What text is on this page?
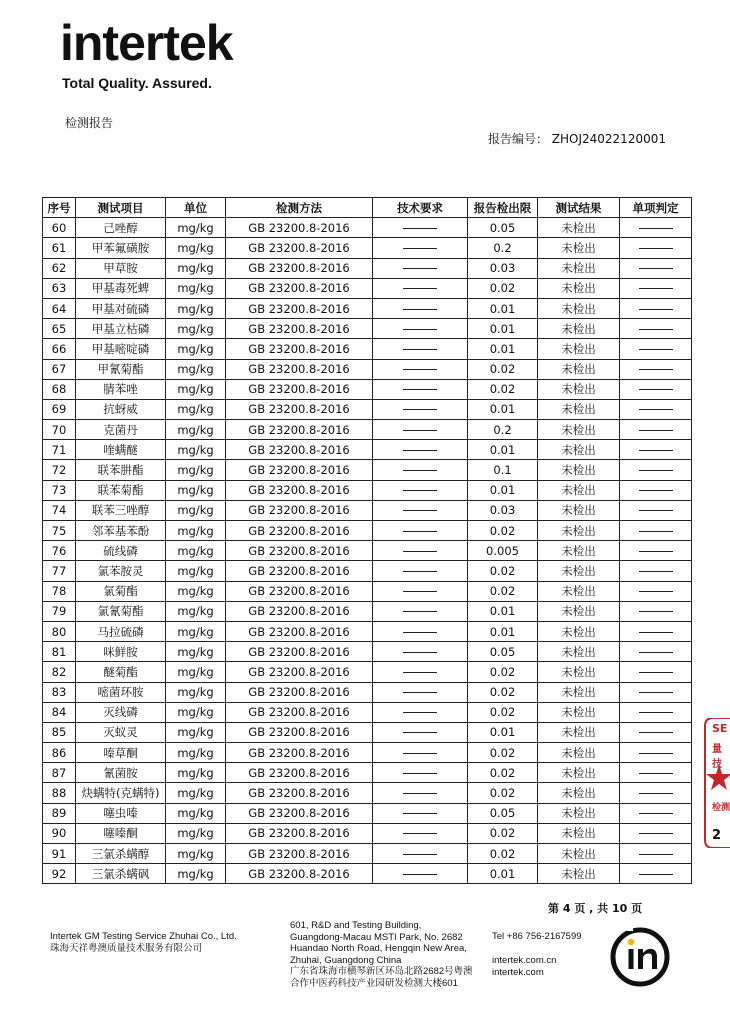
intertek
Total Quality. Assured.
检测报告
报告编号： ZHOJ24022120001
序号	测试项目	单位	检测方法	技术要求	报告检出限	测试结果	单项判定
60	己唑醇	mg/kg	GB 23200.8-2016		0.05	未检出	
61	甲苯氟磺胺	mg/kg	GB 23200.8-2016		0.2	未检出	
62	甲草胺	mg/kg	GB 23200.8-2016		0.03	未检出	
63	甲基毒死蜱	mg/kg	GB 23200.8-2016		0.02	未检出	
64	甲基对硫磷	mg/kg	GB 23200.8-2016		0.01	未检出	
65	甲基立枯磷	mg/kg	GB 23200.8-2016		0.01	未检出	
66	甲基嘧啶磷	mg/kg	GB 23200.8-2016		0.01	未检出	
67	甲氰菊酯	mg/kg	GB 23200.8-2016		0.02	未检出	
68	腈苯唑	mg/kg	GB 23200.8-2016		0.02	未检出	
69	抗蚜威	mg/kg	GB 23200.8-2016		0.01	未检出	
70	克菌丹	mg/kg	GB 23200.8-2016		0.2	未检出	
71	喹螨醚	mg/kg	GB 23200.8-2016		0.01	未检出	
72	联苯肼酯	mg/kg	GB 23200.8-2016		0.1	未检出	
73	联苯菊酯	mg/kg	GB 23200.8-2016		0.01	未检出	
74	联苯三唑醇	mg/kg	GB 23200.8-2016		0.03	未检出	
75	邻苯基苯酚	mg/kg	GB 23200.8-2016		0.02	未检出	
76	硫线磷	mg/kg	GB 23200.8-2016		0.005	未检出	
77	氯苯胺灵	mg/kg	GB 23200.8-2016		0.02	未检出	
78	氯菊酯	mg/kg	GB 23200.8-2016		0.02	未检出	
79	氯氰菊酯	mg/kg	GB 23200.8-2016		0.01	未检出	
80	马拉硫磷	mg/kg	GB 23200.8-2016		0.01	未检出	
81	咪鲜胺	mg/kg	GB 23200.8-2016		0.05	未检出	
82	醚菊酯	mg/kg	GB 23200.8-2016		0.02	未检出	
83	嘧菌环胺	mg/kg	GB 23200.8-2016		0.02	未检出	
84	灭线磷	mg/kg	GB 23200.8-2016		0.02	未检出	
85	灭蚁灵	mg/kg	GB 23200.8-2016		0.01	未检出	
86	嗪草酮	mg/kg	GB 23200.8-2016		0.02	未检出	
87	氰菌胺	mg/kg	GB 23200.8-2016		0.02	未检出	
88	炔螨特(克螨特)	mg/kg	GB 23200.8-2016		0.02	未检出	
89	噻虫嗪	mg/kg	GB 23200.8-2016		0.05	未检出	
90	噻嗪酮	mg/kg	GB 23200.8-2016		0.02	未检出	
91	三氯杀螨醇	mg/kg	GB 23200.8-2016		0.02	未检出	
92	三氯杀螨砜	mg/kg	GB 23200.8-2016		0.01	未检出	
第 4 页 , 共 10 页
Intertek GM Testing Service Zhuhai Co., Ltd.
珠海天祥粤澳质量技术服务有限公司
601, R&D and Testing Building,
Guangdong-Macau MSTI Park, No. 2682
Huandao North Road, Hengqin New Area,
Zhuhai, Guangdong China
广东省珠海市横琴新区环岛北路2682号粤澳
合作中医药科技产业园研发检测大楼601
Tel +86 756-2167599
intertek.com.cn
intertek.com
SE
量技
检测
2
